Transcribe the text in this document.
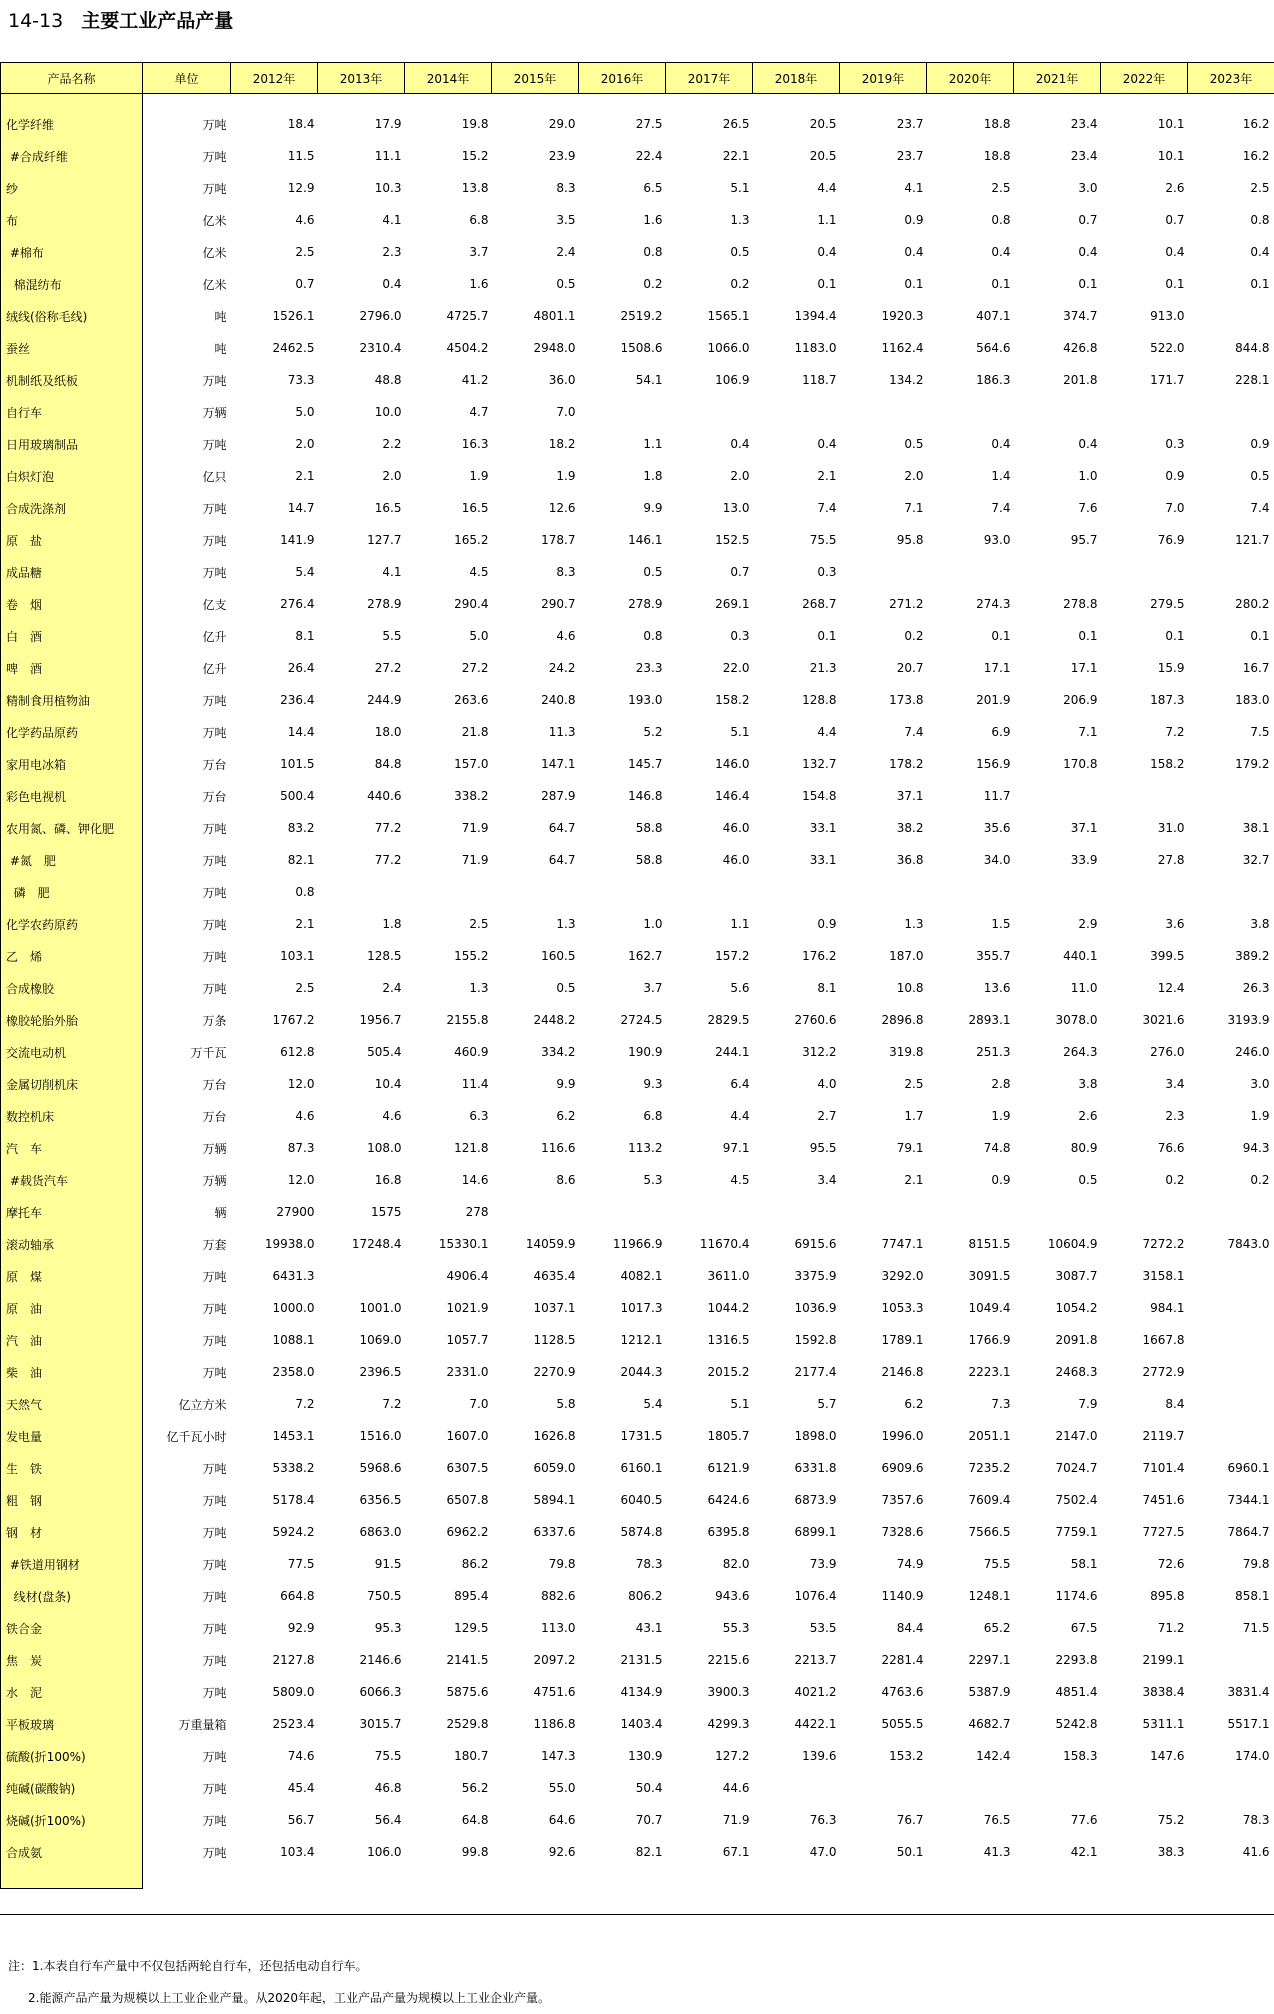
14-13 主要工业产品产量
产品名称	单位	2012年	2013年	2014年	2015年	2016年	2017年	2018年	2019年	2020年	2021年	2022年	2023年

化学纤维	万吨	18.4	17.9	19.8	29.0	27.5	26.5	20.5	23.7	18.8	23.4	10.1	16.2
#合成纤维	万吨	11.5	11.1	15.2	23.9	22.4	22.1	20.5	23.7	18.8	23.4	10.1	16.2
纱	万吨	12.9	10.3	13.8	8.3	6.5	5.1	4.4	4.1	2.5	3.0	2.6	2.5
布	亿米	4.6	4.1	6.8	3.5	1.6	1.3	1.1	0.9	0.8	0.7	0.7	0.8
#棉布	亿米	2.5	2.3	3.7	2.4	0.8	0.5	0.4	0.4	0.4	0.4	0.4	0.4
棉混纺布	亿米	0.7	0.4	1.6	0.5	0.2	0.2	0.1	0.1	0.1	0.1	0.1	0.1
绒线(俗称毛线)	吨	1526.1	2796.0	4725.7	4801.1	2519.2	1565.1	1394.4	1920.3	407.1	374.7	913.0	
蚕丝	吨	2462.5	2310.4	4504.2	2948.0	1508.6	1066.0	1183.0	1162.4	564.6	426.8	522.0	844.8
机制纸及纸板	万吨	73.3	48.8	41.2	36.0	54.1	106.9	118.7	134.2	186.3	201.8	171.7	228.1
自行车	万辆	5.0	10.0	4.7	7.0								
日用玻璃制品	万吨	2.0	2.2	16.3	18.2	1.1	0.4	0.4	0.5	0.4	0.4	0.3	0.9
白炽灯泡	亿只	2.1	2.0	1.9	1.9	1.8	2.0	2.1	2.0	1.4	1.0	0.9	0.5
合成洗涤剂	万吨	14.7	16.5	16.5	12.6	9.9	13.0	7.4	7.1	7.4	7.6	7.0	7.4
原　盐	万吨	141.9	127.7	165.2	178.7	146.1	152.5	75.5	95.8	93.0	95.7	76.9	121.7
成品糖	万吨	5.4	4.1	4.5	8.3	0.5	0.7	0.3					
卷　烟	亿支	276.4	278.9	290.4	290.7	278.9	269.1	268.7	271.2	274.3	278.8	279.5	280.2
白　酒	亿升	8.1	5.5	5.0	4.6	0.8	0.3	0.1	0.2	0.1	0.1	0.1	0.1
啤　酒	亿升	26.4	27.2	27.2	24.2	23.3	22.0	21.3	20.7	17.1	17.1	15.9	16.7
精制食用植物油	万吨	236.4	244.9	263.6	240.8	193.0	158.2	128.8	173.8	201.9	206.9	187.3	183.0
化学药品原药	万吨	14.4	18.0	21.8	11.3	5.2	5.1	4.4	7.4	6.9	7.1	7.2	7.5
家用电冰箱	万台	101.5	84.8	157.0	147.1	145.7	146.0	132.7	178.2	156.9	170.8	158.2	179.2
彩色电视机	万台	500.4	440.6	338.2	287.9	146.8	146.4	154.8	37.1	11.7			
农用氮、磷、钾化肥	万吨	83.2	77.2	71.9	64.7	58.8	46.0	33.1	38.2	35.6	37.1	31.0	38.1
#氮　肥	万吨	82.1	77.2	71.9	64.7	58.8	46.0	33.1	36.8	34.0	33.9	27.8	32.7
磷　肥	万吨	0.8											
化学农药原药	万吨	2.1	1.8	2.5	1.3	1.0	1.1	0.9	1.3	1.5	2.9	3.6	3.8
乙　烯	万吨	103.1	128.5	155.2	160.5	162.7	157.2	176.2	187.0	355.7	440.1	399.5	389.2
合成橡胶	万吨	2.5	2.4	1.3	0.5	3.7	5.6	8.1	10.8	13.6	11.0	12.4	26.3
橡胶轮胎外胎	万条	1767.2	1956.7	2155.8	2448.2	2724.5	2829.5	2760.6	2896.8	2893.1	3078.0	3021.6	3193.9
交流电动机	万千瓦	612.8	505.4	460.9	334.2	190.9	244.1	312.2	319.8	251.3	264.3	276.0	246.0
金属切削机床	万台	12.0	10.4	11.4	9.9	9.3	6.4	4.0	2.5	2.8	3.8	3.4	3.0
数控机床	万台	4.6	4.6	6.3	6.2	6.8	4.4	2.7	1.7	1.9	2.6	2.3	1.9
汽　车	万辆	87.3	108.0	121.8	116.6	113.2	97.1	95.5	79.1	74.8	80.9	76.6	94.3
#载货汽车	万辆	12.0	16.8	14.6	8.6	5.3	4.5	3.4	2.1	0.9	0.5	0.2	0.2
摩托车	辆	27900	1575	278									
滚动轴承	万套	19938.0	17248.4	15330.1	14059.9	11966.9	11670.4	6915.6	7747.1	8151.5	10604.9	7272.2	7843.0
原　煤	万吨	6431.3		4906.4	4635.4	4082.1	3611.0	3375.9	3292.0	3091.5	3087.7	3158.1	
原　油	万吨	1000.0	1001.0	1021.9	1037.1	1017.3	1044.2	1036.9	1053.3	1049.4	1054.2	984.1	
汽　油	万吨	1088.1	1069.0	1057.7	1128.5	1212.1	1316.5	1592.8	1789.1	1766.9	2091.8	1667.8	
柴　油	万吨	2358.0	2396.5	2331.0	2270.9	2044.3	2015.2	2177.4	2146.8	2223.1	2468.3	2772.9	
天然气	亿立方米	7.2	7.2	7.0	5.8	5.4	5.1	5.7	6.2	7.3	7.9	8.4	
发电量	亿千瓦小时	1453.1	1516.0	1607.0	1626.8	1731.5	1805.7	1898.0	1996.0	2051.1	2147.0	2119.7	
生　铁	万吨	5338.2	5968.6	6307.5	6059.0	6160.1	6121.9	6331.8	6909.6	7235.2	7024.7	7101.4	6960.1
粗　钢	万吨	5178.4	6356.5	6507.8	5894.1	6040.5	6424.6	6873.9	7357.6	7609.4	7502.4	7451.6	7344.1
钢　材	万吨	5924.2	6863.0	6962.2	6337.6	5874.8	6395.8	6899.1	7328.6	7566.5	7759.1	7727.5	7864.7
#铁道用钢材	万吨	77.5	91.5	86.2	79.8	78.3	82.0	73.9	74.9	75.5	58.1	72.6	79.8
线材(盘条)	万吨	664.8	750.5	895.4	882.6	806.2	943.6	1076.4	1140.9	1248.1	1174.6	895.8	858.1
铁合金	万吨	92.9	95.3	129.5	113.0	43.1	55.3	53.5	84.4	65.2	67.5	71.2	71.5
焦　炭	万吨	2127.8	2146.6	2141.5	2097.2	2131.5	2215.6	2213.7	2281.4	2297.1	2293.8	2199.1	
水　泥	万吨	5809.0	6066.3	5875.6	4751.6	4134.9	3900.3	4021.2	4763.6	5387.9	4851.4	3838.4	3831.4
平板玻璃	万重量箱	2523.4	3015.7	2529.8	1186.8	1403.4	4299.3	4422.1	5055.5	4682.7	5242.8	5311.1	5517.1
硫酸(折100%)	万吨	74.6	75.5	180.7	147.3	130.9	127.2	139.6	153.2	142.4	158.3	147.6	174.0
纯碱(碳酸钠)	万吨	45.4	46.8	56.2	55.0	50.4	44.6						
烧碱(折100%)	万吨	56.7	56.4	64.8	64.6	70.7	71.9	76.3	76.7	76.5	77.6	75.2	78.3
合成氨	万吨	103.4	106.0	99.8	92.6	82.1	67.1	47.0	50.1	41.3	42.1	38.3	41.6

注：1.本表自行车产量中不仅包括两轮自行车，还包括电动自行车。
2.能源产品产量为规模以上工业企业产量。从2020年起，工业产品产量为规模以上工业企业产量。
